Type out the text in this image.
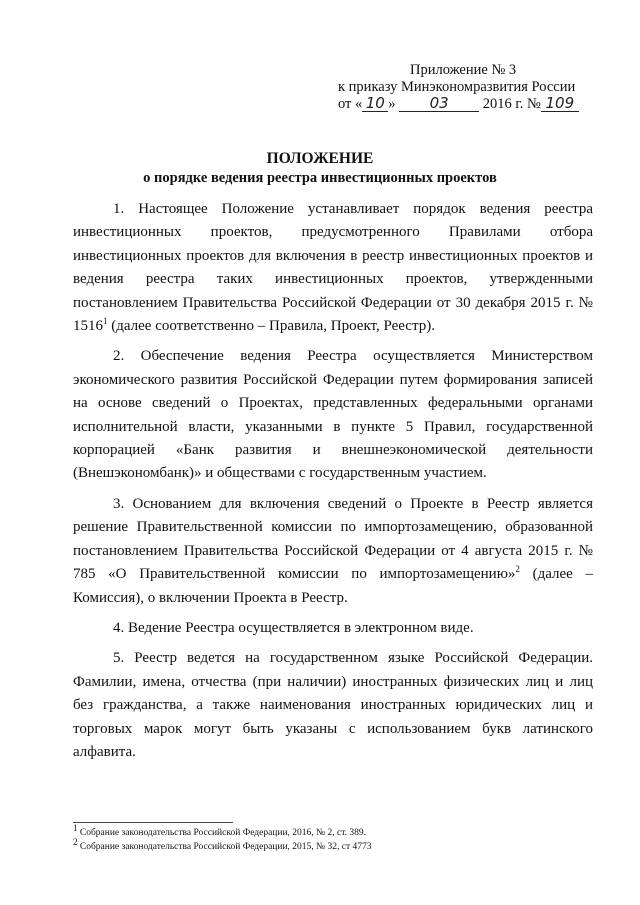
Приложение № 3
к приказу Минэкономразвития России
от « 10 » 03 2016 г. № 109
ПОЛОЖЕНИЕ
о порядке ведения реестра инвестиционных проектов

1. Настоящее Положение устанавливает порядок ведения реестра инвестиционных проектов, предусмотренного Правилами отбора инвестиционных проектов для включения в реестр инвестиционных проектов и ведения реестра таких инвестиционных проектов, утвержденными постановлением Правительства Российской Федерации от 30 декабря 2015 г. № 1516$^1$ (далее соответственно – Правила, Проект, Реестр).

2. Обеспечение ведения Реестра осуществляется Министерством экономического развития Российской Федерации путем формирования записей на основе сведений о Проектах, представленных федеральными органами исполнительной власти, указанными в пункте 5 Правил, государственной корпорацией «Банк развития и внешнеэкономической деятельности (Внешэкономбанк)» и обществами с государственным участием.

3. Основанием для включения сведений о Проекте в Реестр является решение Правительственной комиссии по импортозамещению, образованной постановлением Правительства Российской Федерации от 4 августа 2015 г. № 785 «О Правительственной комиссии по импортозамещению»$^2$ (далее – Комиссия), о включении Проекта в Реестр.

4. Ведение Реестра осуществляется в электронном виде.

5. Реестр ведется на государственном языке Российской Федерации. Фамилии, имена, отчества (при наличии) иностранных физических лиц и лиц без гражданства, а также наименования иностранных юридических лиц и торговых марок могут быть указаны с использованием букв латинского алфавита.

$^1$ Собрание законодательства Российской Федерации, 2016, № 2, ст. 389.
$^2$ Собрание законодательства Российской Федерации, 2015, № 32, ст 4773
